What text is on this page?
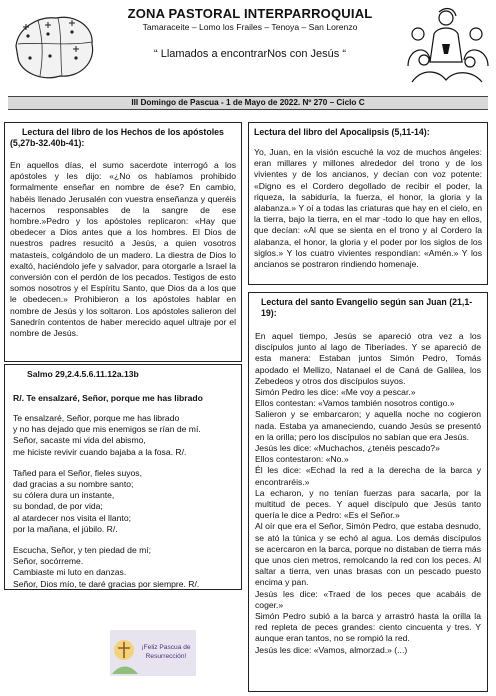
ZONA PASTORAL INTERPARROQUIAL
Tamaraceite – Lomo los Frailes – Tenoya – San Lorenzo
“ Llamados a encontrarNos con Jesús “
III Domingo de Pascua - 1 de Mayo de 2022. Nº 270 – Ciclo C
Lectura del libro de los Hechos de los apóstoles
(5,27b-32.40b-41):
En aquellos días, el sumo sacerdote interrogó a los apóstoles y les dijo: «¿No os habíamos prohibido formalmente enseñar en nombre de ése? En cambio, habéis llenado Jerusalén con vuestra enseñanza y queréis hacernos responsables de la sangre de ese hombre.»Pedro y los apóstoles replicaron: «Hay que obedecer a Dios antes que a los hombres. El Dios de nuestros padres resucitó a Jesús, a quien vosotros matasteis, colgándolo de un madero. La diestra de Dios lo exaltó, haciéndolo jefe y salvador, para otorgarle a Israel la conversión con el perdón de los pecados. Testigos de esto somos nosotros y el Espíritu Santo, que Dios da a los que le obedecen.» Prohibieron a los apóstoles hablar en nombre de Jesús y los soltaron. Los apóstoles salieron del Sanedrín contentos de haber merecido aquel ultraje por el nombre de Jesús.
Lectura del libro del Apocalipsis (5,11-14):
Yo, Juan, en la visión escuché la voz de muchos ángeles: eran millares y millones alrededor del trono y de los vivientes y de los ancianos, y decían con voz potente: «Digno es el Cordero degollado de recibir el poder, la riqueza, la sabiduría, la fuerza, el honor, la gloria y la alabanza.» Y oí a todas las criaturas que hay en el cielo, en la tierra, bajo la tierra, en el mar -todo lo que hay en ellos, que decían: «Al que se sienta en el trono y al Cordero la alabanza, el honor, la gloria y el poder por los siglos de los siglos.» Y los cuatro vivientes respondían: «Amén.» Y los ancianos se postraron rindiendo homenaje.
Salmo 29,2.4.5.6.11.12a.13b
R/. Te ensalzaré, Señor, porque me has librado
Te ensalzaré, Señor, porque me has librado
y no has dejado que mis enemigos se rían de mí.
Señor, sacaste mi vida del abismo,
me hiciste revivir cuando bajaba a la fosa. R/.
Tañed para el Señor, fieles suyos,
dad gracias a su nombre santo;
su cólera dura un instante,
su bondad, de por vida;
al atardecer nos visita el llanto;
por la mañana, el júbilo. R/.
Escucha, Señor, y ten piedad de mí;
Señor, socórreme.
Cambiaste mi luto en danzas.
Señor, Dios mío, te daré gracias por siempre. R/.
¡Feliz Pascua de
Resurrección!
Lectura del santo Evangelio según san Juan (21,1-
19):

En aquel tiempo, Jesús se apareció otra vez a los discípulos junto al lago de Tiberíades. Y se apareció de esta manera: Estaban juntos Simón Pedro, Tomás apodado el Mellizo, Natanael el de Caná de Galilea, los Zebedeos y otros dos discípulos suyos.

Simón Pedro les dice: «Me voy a pescar.»

Ellos contestan: «Vamos también nosotros contigo.»

Salieron y se embarcaron; y aquella noche no cogieron nada. Estaba ya amaneciendo, cuando Jesús se presentó en la orilla; pero los discípulos no sabían que era Jesús.

Jesús les dice: «Muchachos, ¿tenéis pescado?»

Ellos contestaron: «No.»

Él les dice: «Echad la red a la derecha de la barca y encontraréis.»

La echaron, y no tenían fuerzas para sacarla, por la multitud de peces. Y aquel discípulo que Jesús tanto quería le dice a Pedro: «Es el Señor.»

Al oír que era el Señor, Simón Pedro, que estaba desnudo, se ató la túnica y se echó al agua. Los demás discípulos se acercaron en la barca, porque no distaban de tierra más que unos cien metros, remolcando la red con los peces. Al saltar a tierra, ven unas brasas con un pescado puesto encima y pan.

Jesús les dice: «Traed de los peces que acabáis de coger.»

Simón Pedro subió a la barca y arrastró hasta la orilla la red repleta de peces grandes: ciento cincuenta y tres. Y aunque eran tantos, no se rompió la red.

Jesús les dice: «Vamos, almorzad.» (...)
